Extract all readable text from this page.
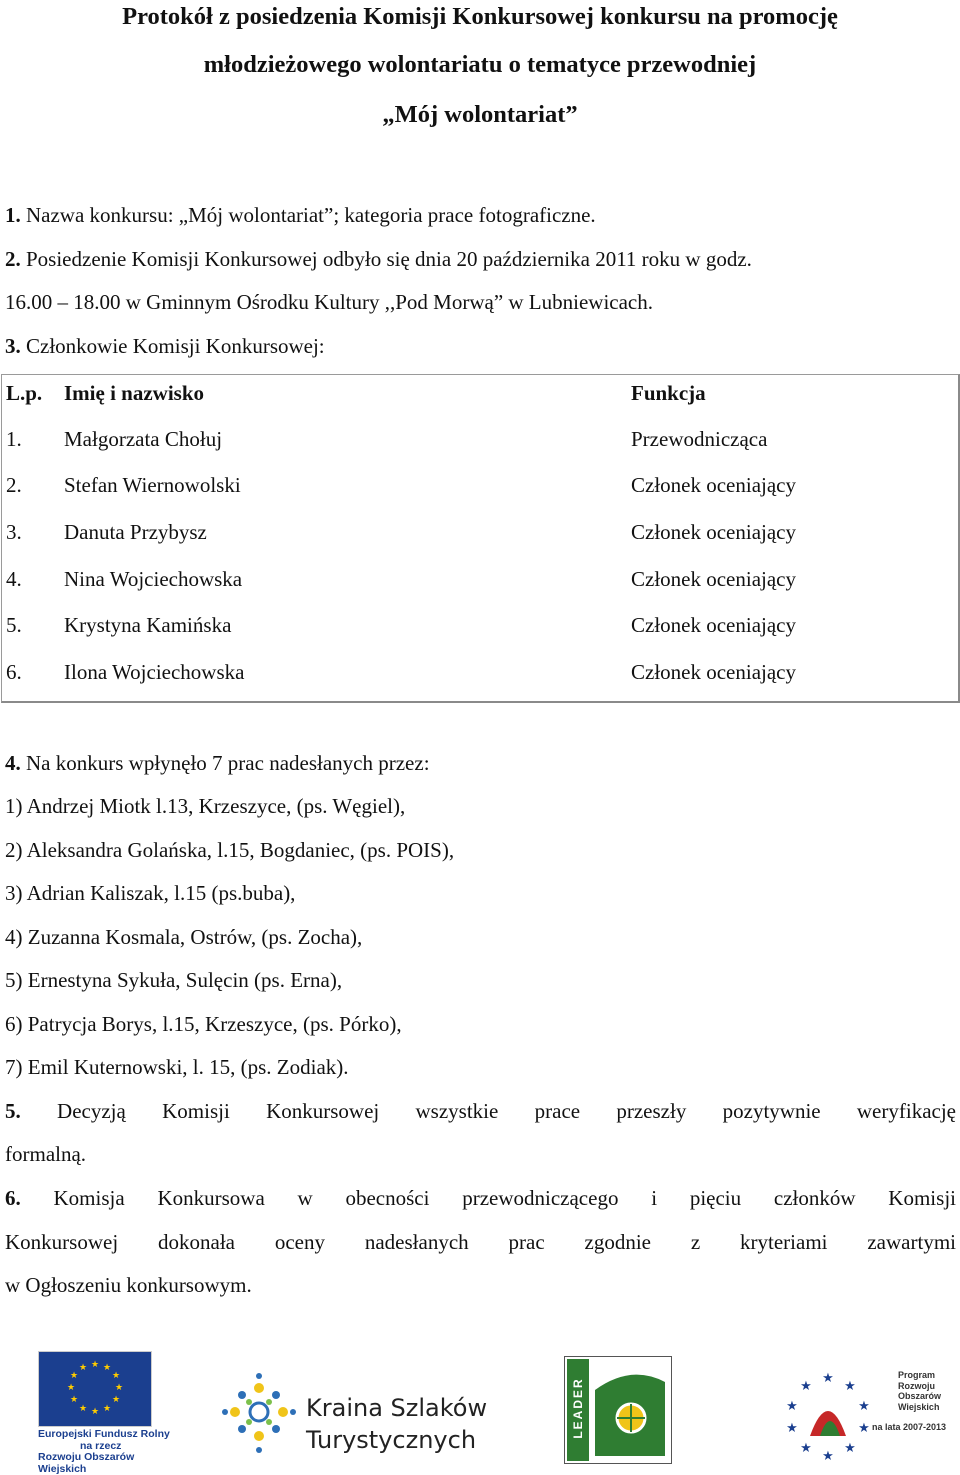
Protokół z posiedzenia Komisji Konkursowej konkursu na promocję
młodzieżowego wolontariatu o tematyce przewodniej
„Mój wolontariat”
1. Nazwa konkursu: „Mój wolontariat”; kategoria prace fotograficzne.
2. Posiedzenie Komisji Konkursowej odbyło się dnia 20 października 2011 roku w godz.
16.00 – 18.00 w Gminnym Ośrodku Kultury ,,Pod Morwą” w Lubniewicach.
3. Członkowie Komisji Konkursowej:
L.p. Imię i nazwisko	Funkcja
1. Małgorzata Chołuj	Przewodnicząca
2. Stefan Wiernowolski	Członek oceniający
3. Danuta Przybysz	Członek oceniający
4. Nina Wojciechowska	Członek oceniający
5. Krystyna Kamińska	Członek oceniający
6. Ilona Wojciechowska	Członek oceniający
4. Na konkurs wpłynęło 7 prac nadesłanych przez:
1) Andrzej Miotk l.13, Krzeszyce, (ps. Węgiel),
2) Aleksandra Golańska, l.15, Bogdaniec, (ps. POIS),
3) Adrian Kaliszak, l.15 (ps.buba),
4) Zuzanna Kosmala, Ostrów, (ps. Zocha),
5) Ernestyna Sykuła, Sulęcin (ps. Erna),
6) Patrycja Borys, l.15, Krzeszyce, (ps. Pórko),
7) Emil Kuternowski, l. 15, (ps. Zodiak).
5. Decyzją Komisji Konkursowej wszystkie prace przeszły pozytywnie weryfikację
formalną.
6. Komisja Konkursowa w obecności przewodniczącego i pięciu członków Komisji
Konkursowej dokonała oceny nadesłanych prac zgodnie z kryteriami zawartymi
w Ogłoszeniu konkursowym.
★ ★
★
★
★
★
★
★
★
★
★
★
Europejski Fundusz Rolny
na rzecz
Rozwoju Obszarów Wiejskich
Kraina Szlaków
Turystycznych
LEADER	★
★
★
★
★
★
★
★
★
★
Program
Rozwoju
Obszarów
Wiejskich
na lata 2007-2013
